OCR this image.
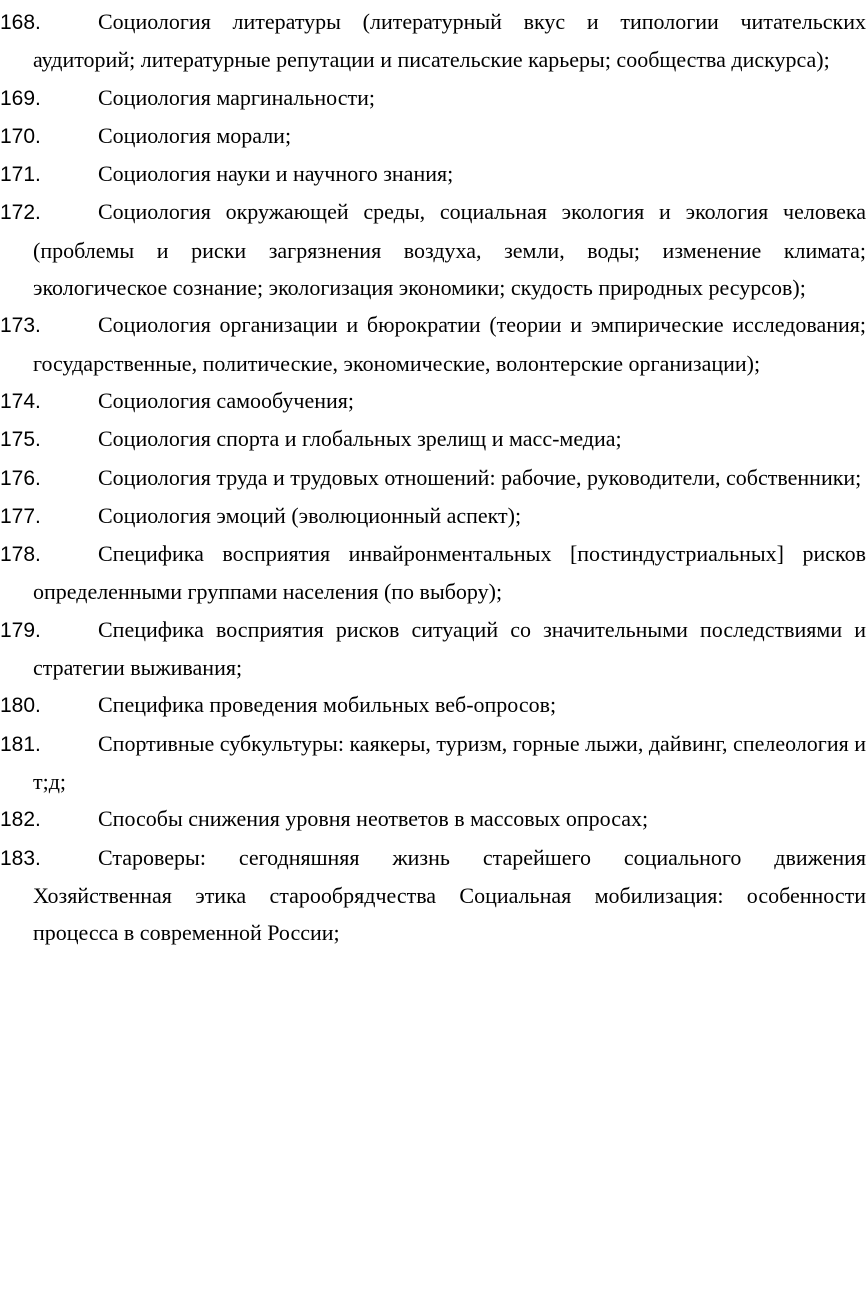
168.	Социология литературы (литературный вкус и типологии читательских аудиторий; литературные репутации и писательские карьеры; сообщества дискурса);

169.	Социология маргинальности;

170.	Социология морали;

171.	Социология науки и научного знания;

172.	Социология окружающей среды, социальная экология и экология человека (проблемы и риски загрязнения воздуха, земли, воды; изменение климата; экологическое сознание; экологизация экономики; скудость природных ресурсов);

173.	Социология организации и бюрократии (теории и эмпирические исследования; государственные, политические, экономические, волонтерские организации);

174.	Социология самообучения;

175.	Социология спорта и глобальных зрелищ и масс-медиа;

176.	Социология труда и трудовых отношений: рабочие, руководители, собственники;

177.	Социология эмоций (эволюционный аспект);

178.	Специфика восприятия инвайронментальных [постиндустриальных] рисков определенными группами населения (по выбору);

179.	Специфика восприятия рисков ситуаций со значительными последствиями и стратегии выживания;

180.	Специфика проведения мобильных веб-опросов;

181.	Спортивные субкультуры: каякеры, туризм, горные лыжи, дайвинг, спелеология и т;д;

182.	Способы снижения уровня неответов в массовых опросах;

183.	Староверы: сегодняшняя жизнь старейшего социального движения Хозяйственная этика старообрядчества Социальная мобилизация: особенности процесса в современной России;
